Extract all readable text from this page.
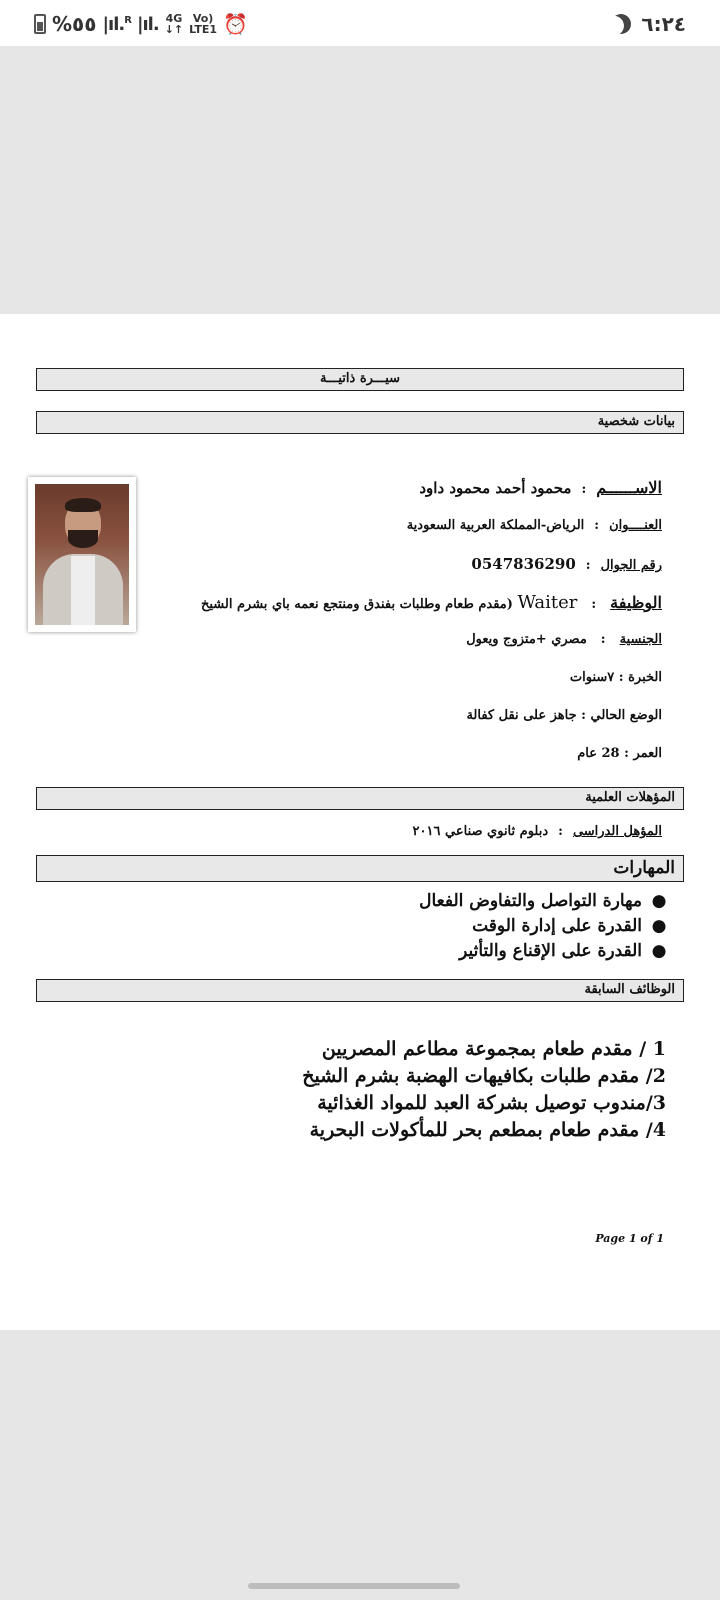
%٥٥ |ıl.$^R$ |ıl. 4G
↓↑
Vo)
LTE1 ⏰	٦:٢٤
سيـــرة ذاتيـــة
بيانات شخصية
الاســــــم:محمود أحمد محمود داود
العنــــوان:الرياض-المملكة العربية السعودية
رقم الجوال:0547836290
الوظيفة:Waiter (مقدم طعام وطلبات بفندق ومنتجع نعمه باي بشرم الشيخ
الجنسية:مصري +متزوج ويعول
الخبرة : ٧سنوات
الوضع الحالي : جاهز على نقل كفالة
العمر : 28 عام
المؤهلات العلمية
المؤهل الدراسى:دبلوم ثانوي صناعي ٢٠١٦
المهارات
●مهارة التواصل والتفاوض الفعال
●القدرة على إدارة الوقت
●القدرة على الإقناع والتأثير
الوظائف السابقة
1 / مقدم طعام بمجموعة مطاعم المصريين
2/ مقدم طلبات بكافيهات الهضبة بشرم الشيخ
3/مندوب توصيل بشركة العبد للمواد الغذائية
4/ مقدم طعام بمطعم بحر للمأكولات البحرية
Page 1 of 1
